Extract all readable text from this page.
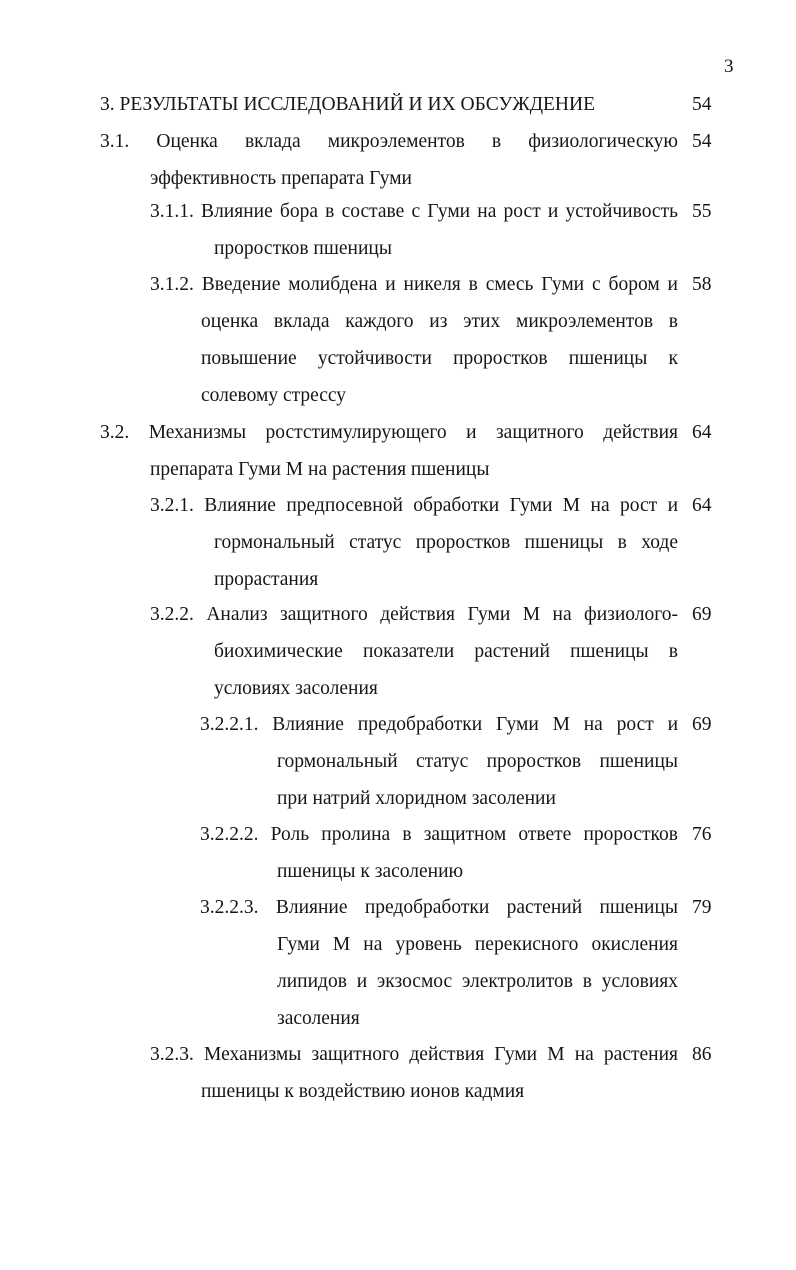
3
3. РЕЗУЛЬТАТЫ ИССЛЕДОВАНИЙ И ИХ ОБСУЖДЕНИЕ	54
3.1. Оценка вклада микроэлементов в физиологическую
эффективность препарата Гуми
54
3.1.1. Влияние бора в составе с Гуми на рост и устойчивость
проростков пшеницы
55
3.1.2. Введение молибдена и никеля в смесь Гуми с бором и
оценка вклада каждого из этих микроэлементов в
повышение устойчивости проростков пшеницы к
солевому стрессу
58
3.2. Механизмы ростстимулирующего и защитного действия
препарата Гуми М на растения пшеницы
64
3.2.1. Влияние предпосевной обработки Гуми М на рост и
гормональный статус проростков пшеницы в ходе
прорастания
64
3.2.2. Анализ защитного действия Гуми М на физиолого-
биохимические показатели растений пшеницы в
условиях засоления
69
3.2.2.1. Влияние предобработки Гуми М на рост и
гормональный статус проростков пшеницы
при натрий хлоридном засолении
69
3.2.2.2. Роль пролина в защитном ответе проростков
пшеницы к засолению
76
3.2.2.3. Влияние предобработки растений пшеницы
Гуми М на уровень перекисного окисления
липидов и экзосмос электролитов в условиях
засоления
79
3.2.3. Механизмы защитного действия Гуми М на растения
пшеницы к воздействию ионов кадмия
86
